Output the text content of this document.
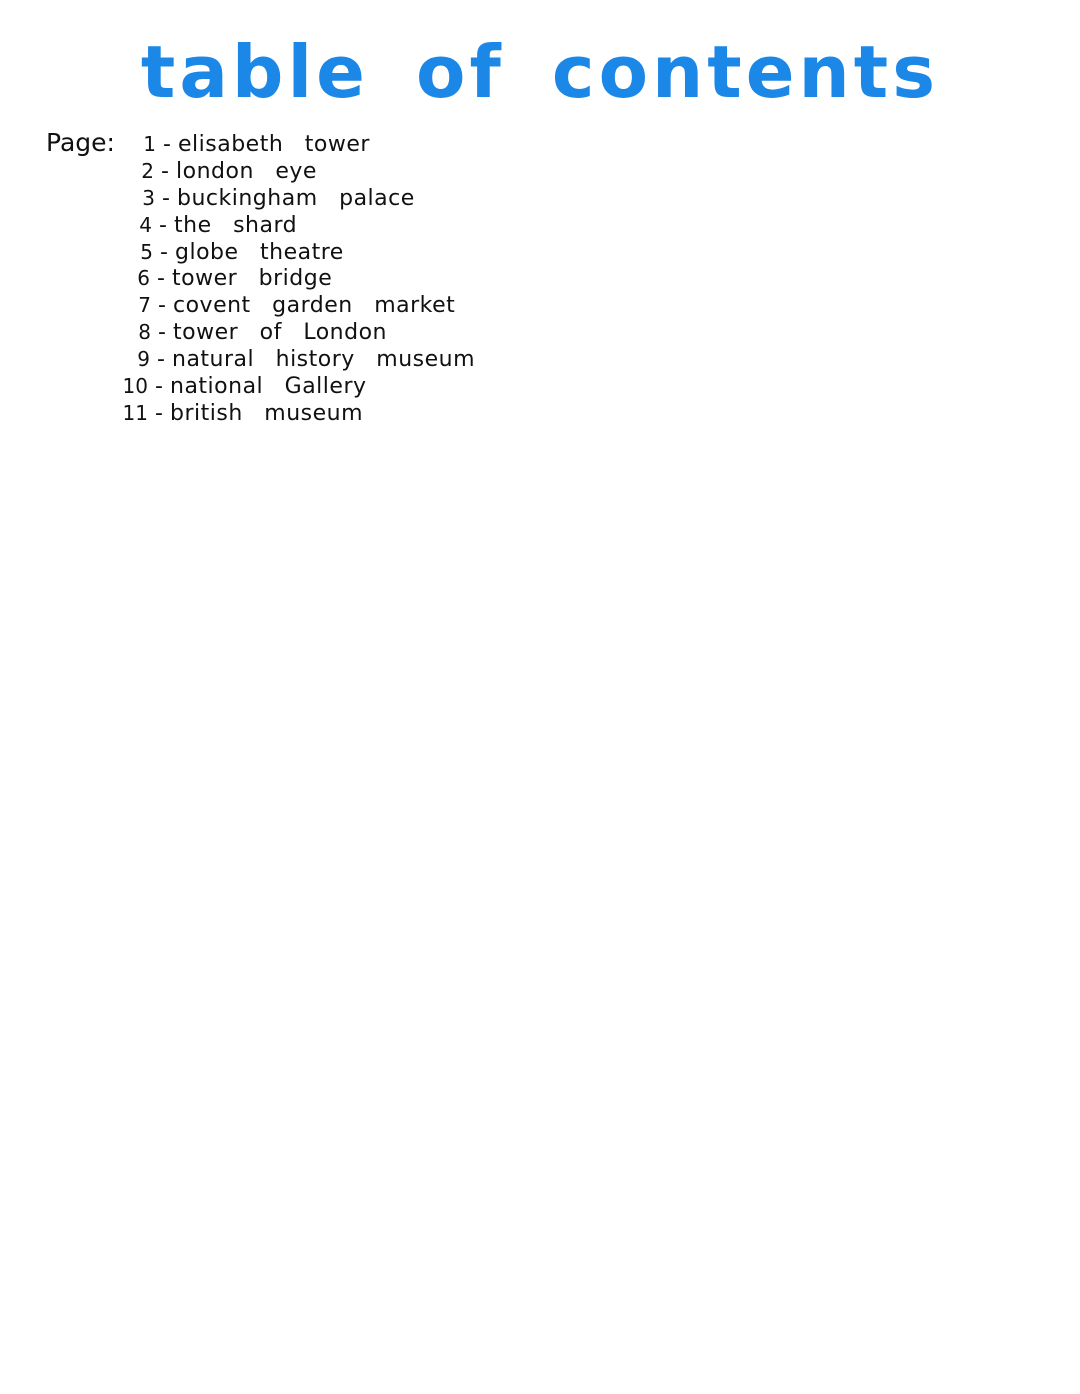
table of contents
Page:	1 - elisabeth tower
2 - london eye
3 - buckingham palace
4 - the shard
5 - globe theatre
6 - tower bridge
7 - covent garden market
8 - tower of London
9 - natural history museum
10 - national Gallery
11 - british museum
